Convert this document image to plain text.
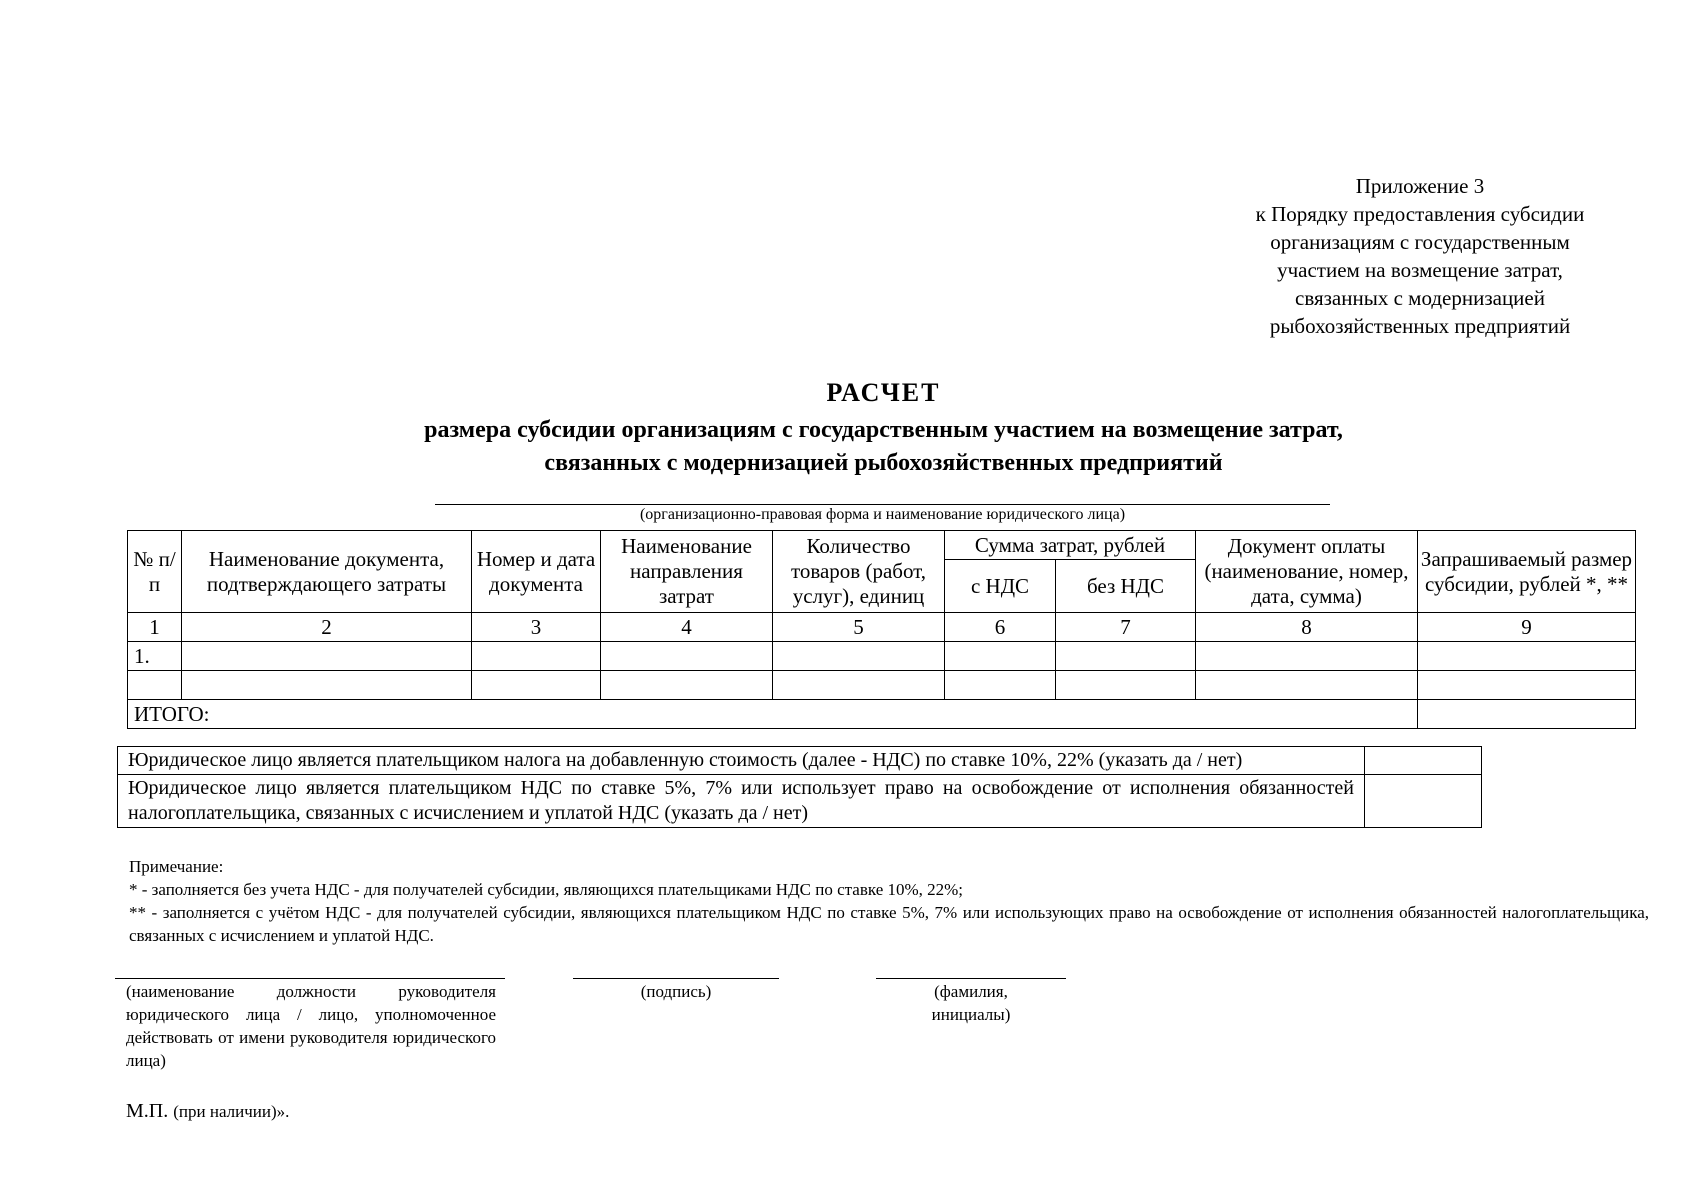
Приложение 3
к Порядку предоставления субсидии
организациям с государственным
участием на возмещение затрат,
связанных с модернизацией
рыбохозяйственных предприятий
РАСЧЕТ
размера субсидии организациям с государственным участием на возмещение затрат,
связанных с модернизацией рыбохозяйственных предприятий
(организационно-правовая форма и наименование юридического лица)
№ п/п	Наименование документа, подтверждающего затраты	Номер и дата документа	Наименование направления затрат	Количество товаров (работ, услуг), единиц	Сумма затрат, рублей		Документ оплаты (наименование, номер, дата, сумма)	Запрашиваемый размер субсидии, рублей *, **
					с НДС	без НДС		
1	2	3	4	5	6	7	8	9
1.								

ИТОГО:								
Юридическое лицо является плательщиком налога на добавленную стоимость (далее - НДС) по ставке 10%, 22% (указать да / нет)	
Юридическое лицо является плательщиком НДС по ставке 5%, 7% или использует право на освобождение от исполнения обязанностей налогоплательщика, связанных с исчислением и уплатой НДС (указать да / нет)	
Примечание:
* - заполняется без учета НДС - для получателей субсидии, являющихся плательщиками НДС по ставке 10%, 22%;
** - заполняется с учётом НДС - для получателей субсидии, являющихся плательщиком НДС по ставке 5%, 7% или использующих право на освобождение от исполнения обязанностей налогоплательщика, связанных с исчислением и уплатой НДС.
(наименование должности руководителя юридического лица / лицо, уполномоченное действовать от имени руководителя юридического лица)
(подпись)	(фамилия, инициалы)
М.П. (при наличии)».
